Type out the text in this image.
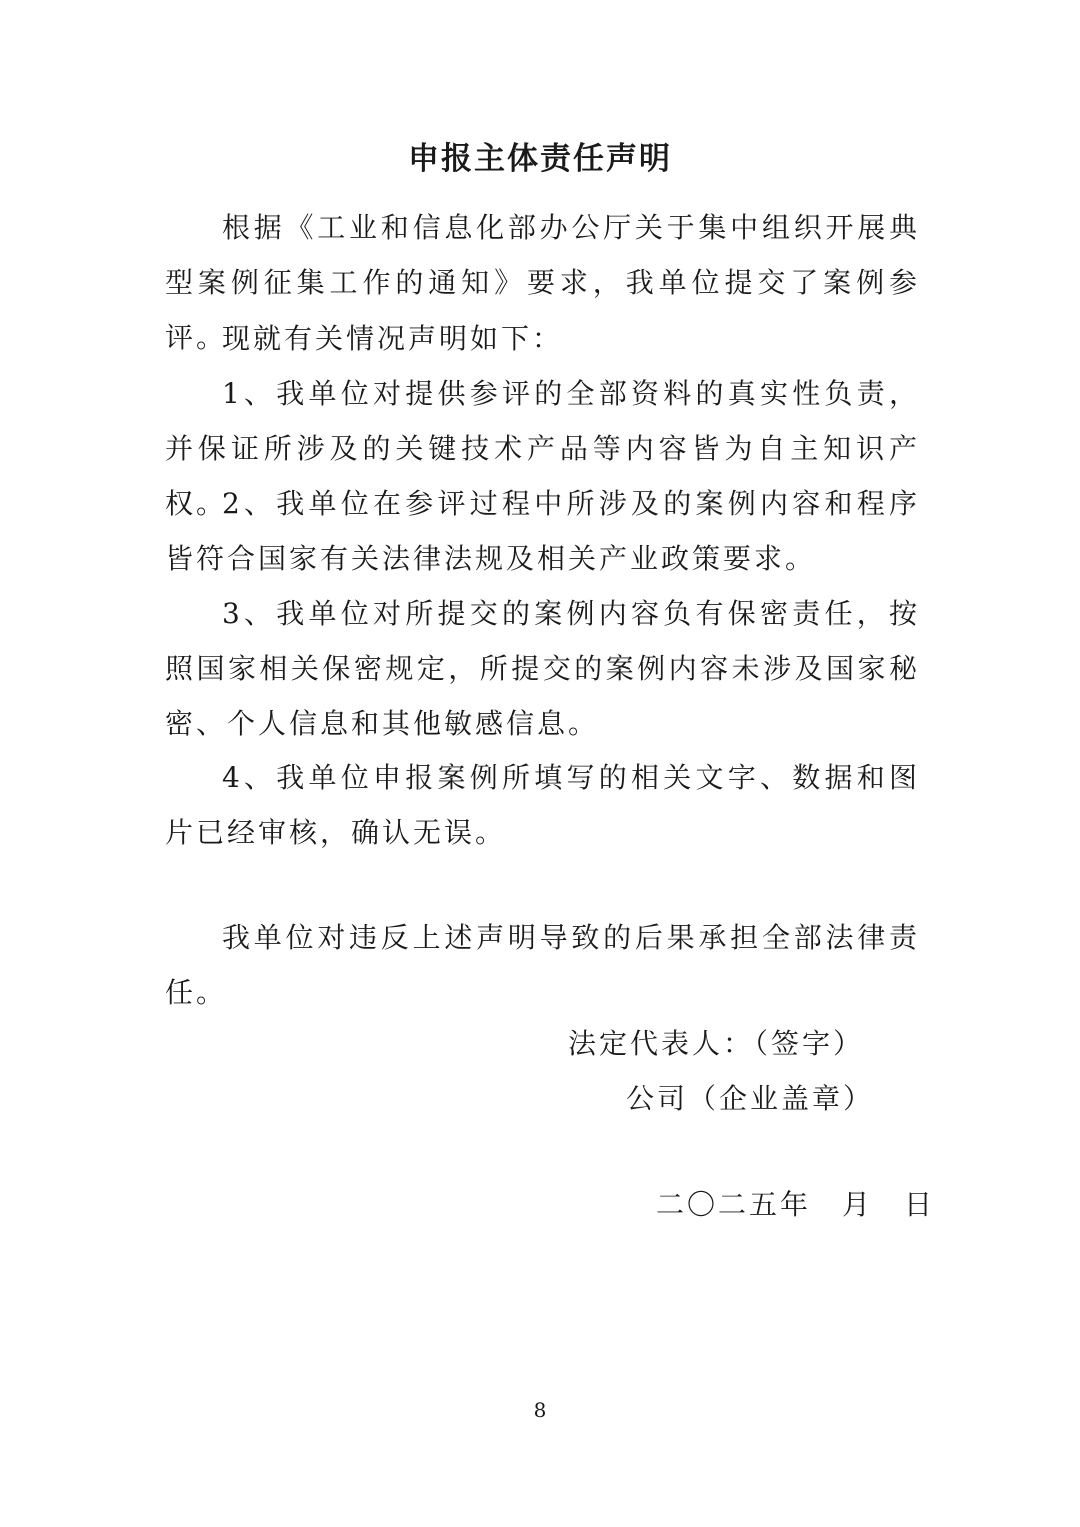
申报主体责任声明

根据《工业和信息化部办公厅关于集中组织开展典型案例征集工作的通知》要求，我单位提交了案例参评。

现就有关情况声明如下：

1、我单位对提供参评的全部资料的真实性负责，并保证所涉及的关键技术产品等内容皆为自主知识产权。

2、我单位在参评过程中所涉及的案例内容和程序皆符合国家有关法律法规及相关产业政策要求。

3、我单位对所提交的案例内容负有保密责任，按照国家相关保密规定，所提交的案例内容未涉及国家秘密、个人信息和其他敏感信息。

4、我单位申报案例所填写的相关文字、数据和图片已经审核，确认无误。

我单位对违反上述声明导致的后果承担全部法律责任。

法定代表人：（签字）
公司（企业盖章）
二〇二五年　月　日
8
